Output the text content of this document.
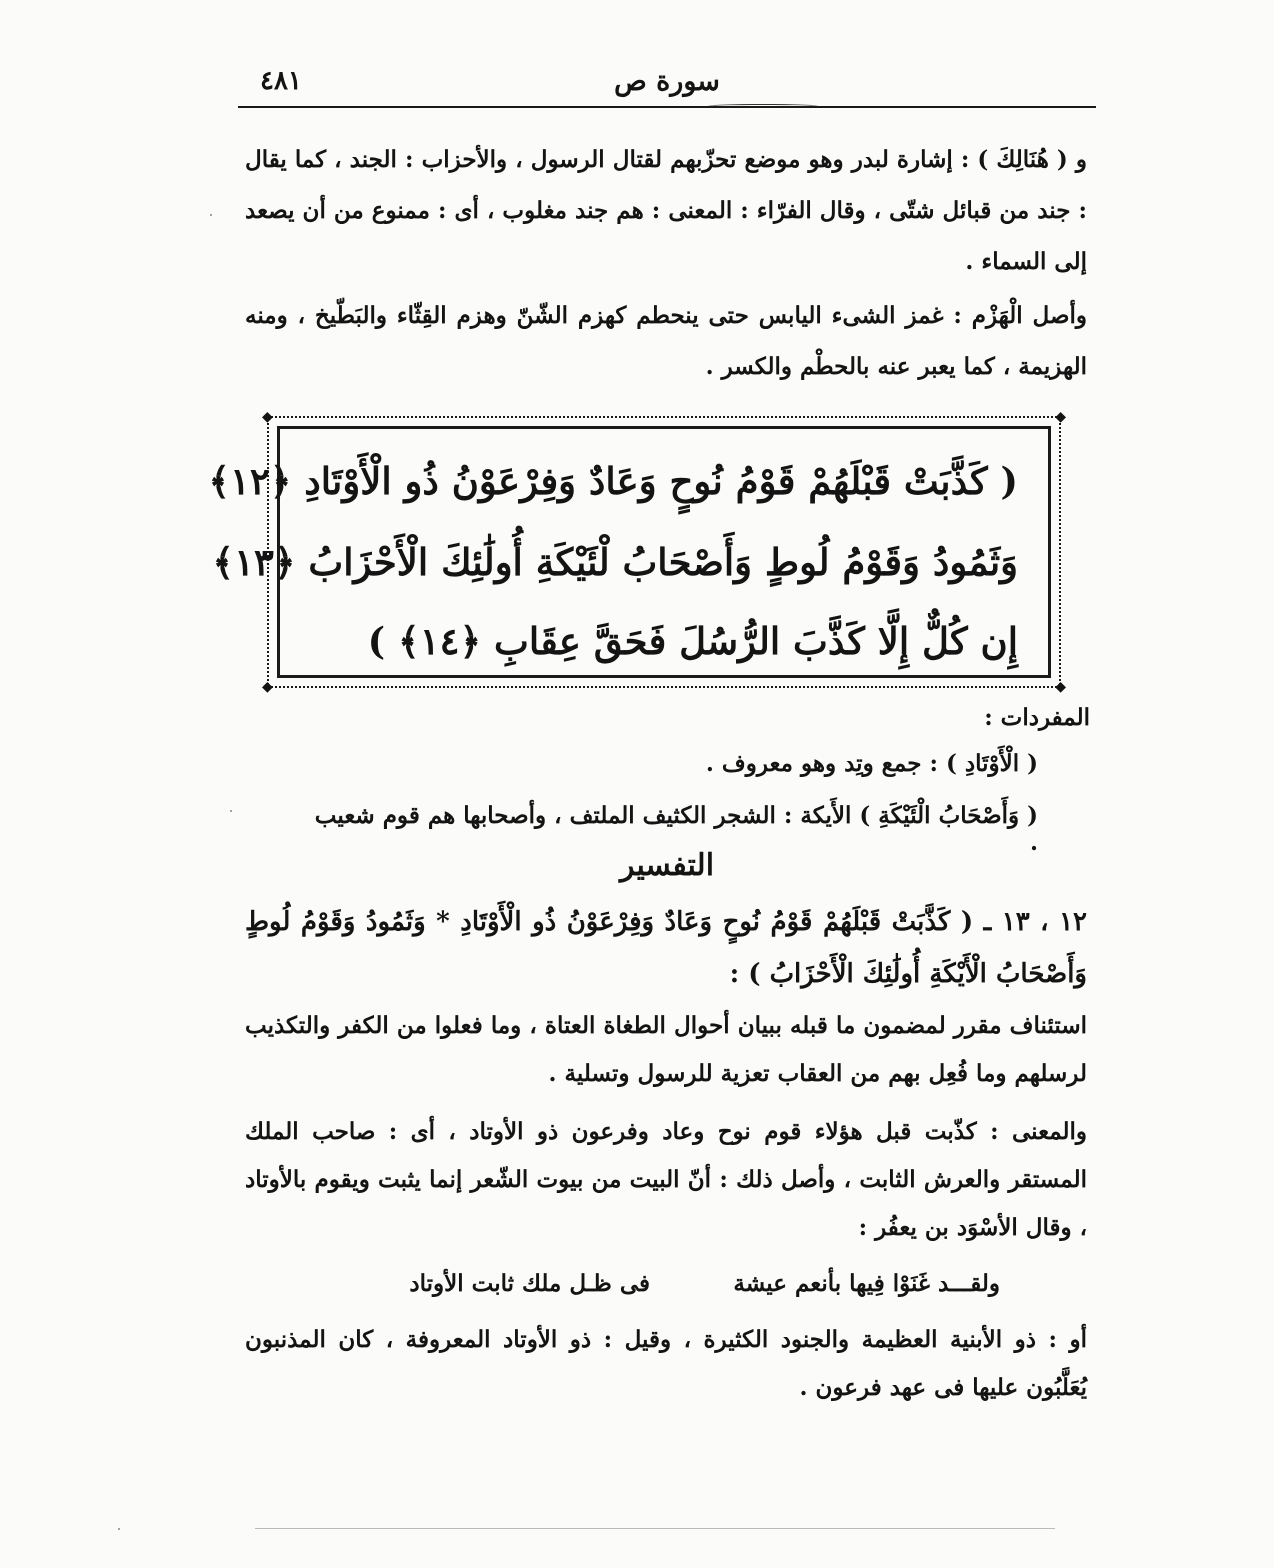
٤٨١	سورة ص
و ( هُنَالِكَ ) : إشارة لبدر وهو موضع تحزّبهم لقتال الرسول ، والأحزاب : الجند ، كما يقال : جند من قبائل شتّى ، وقال الفرّاء : المعنى : هم جند مغلوب ، أى : ممنوع من أن يصعد إلى السماء .
وأصل الْهَزْم : غمز الشىء اليابس حتى ينحطم كهزم الشّنّ وهزم القِثّاء والبَطّيخ ، ومنه الهزيمة ، كما يعبر عنه بالحطْم والكسر .
◆	◆
◆	◆
( كَذَّبَتْ قَبْلَهُمْ قَوْمُ نُوحٍ وَعَادٌ وَفِرْعَوْنُ ذُو الْأَوْتَادِ ﴿١٢﴾
وَثَمُودُ وَقَوْمُ لُوطٍ وَأَصْحَابُ لْئَيْكَةِ أُولَٰئِكَ الْأَحْزَابُ ﴿١٣﴾
إِن كُلٌّ إِلَّا كَذَّبَ الرُّسُلَ فَحَقَّ عِقَابِ ﴿١٤﴾ )
المفردات :
( الْأَوْتَادِ ) : جمع وتِد وهو معروف .
( وَأَصْحَابُ الْئَيْكَةِ ) الأَيكة : الشجر الكثيف الملتف ، وأصحابها هم قوم شعيب .
التفسير
١٢ ، ١٣ ـ ( كَذَّبَتْ قَبْلَهُمْ قَوْمُ نُوحٍ وَعَادٌ وَفِرْعَوْنُ ذُو الْأَوْتَادِ * وَثَمُودُ وَقَوْمُ لُوطٍ وَأَصْحَابُ الْأَيْكَةِ أُولَٰئِكَ الْأَحْزَابُ ) :
استئناف مقرر لمضمون ما قبله ببيان أحوال الطغاة العتاة ، وما فعلوا من الكفر والتكذيب لرسلهم وما فُعِل بهم من العقاب تعزية للرسول وتسلية .
والمعنى : كذّبت قبل هؤلاء قوم نوح وعاد وفرعون ذو الأوتاد ، أى : صاحب الملك المستقر والعرش الثابت ، وأصل ذلك : أنّ البيت من بيوت الشّعر إنما يثبت ويقوم بالأوتاد ، وقال الأسْوَد بن يعفُر :
ولقـــد غَنَوْا فِيها بأنعم عيشة
فى ظـل ملك ثابت الأوتاد
أو : ذو الأبنية العظيمة والجنود الكثيرة ، وقيل : ذو الأوتاد المعروفة ، كان المذنبون يُعَلَّبُون عليها فى عهد فرعون .
